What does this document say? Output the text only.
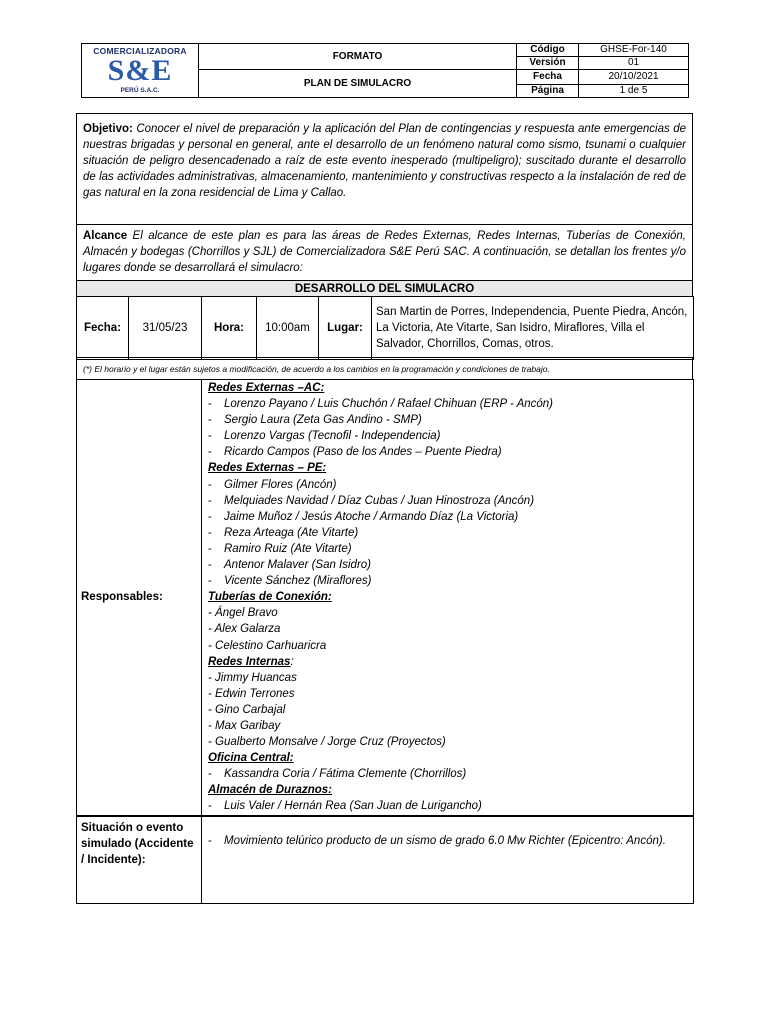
COMERCIALIZADORA
S&E
PERÚ S.A.C.	FORMATO	Código	GHSE-For-140
		Versión	01
	PLAN DE SIMULACRO	Fecha	20/10/2021
		Página	1 de 5
Objetivo: Conocer el nivel de preparación y la aplicación del Plan de contingencias y respuesta ante emergencias de nuestras brigadas y personal en general, ante el desarrollo de un fenómeno natural como sismo, tsunami o cualquier situación de peligro desencadenado a raíz de este evento inesperado (multipeligro); suscitado durante el desarrollo de las actividades administrativas, almacenamiento, mantenimiento y constructivas respecto a la instalación de red de gas natural en la zona residencial de Lima y Callao.
Alcance El alcance de este plan es para las áreas de Redes Externas, Redes Internas, Tuberías de Conexión, Almacén y bodegas (Chorrillos y SJL) de Comercializadora S&E Perú SAC. A continuación, se detallan los frentes y/o lugares donde se desarrollará el simulacro:
DESARROLLO DEL SIMULACRO
Fecha:	31/05/23	Hora:	10:00am	Lugar:	San Martin de Porres, Independencia, Puente Piedra, Ancón, La Victoria, Ate Vitarte, San Isidro, Miraflores, Villa el Salvador, Chorrillos, Comas, otros.
(*) El horario y el lugar están sujetos a modificación, de acuerdo a los cambios en la programación y condiciones de trabajo.
Responsables:	
Redes Externas –AC:
- Lorenzo Payano / Luis Chuchón / Rafael Chihuan (ERP - Ancón)
- Sergio Laura (Zeta Gas Andino - SMP)
- Lorenzo Vargas (Tecnofil - Independencia)
- Ricardo Campos (Paso de los Andes – Puente Piedra)
Redes Externas – PE:
- Gilmer Flores (Ancón)
- Melquiades Navidad / Díaz Cubas / Juan Hinostroza (Ancón)
- Jaime Muñoz / Jesús Atoche / Armando Díaz (La Victoria)
- Reza Arteaga (Ate Vitarte)
- Ramiro Ruiz (Ate Vitarte)
- Antenor Malaver (San Isidro)
- Vicente Sánchez (Miraflores)
Tuberías de Conexión:
- Ángel Bravo
- Alex Galarza
- Celestino Carhuaricra
Redes Internas:
- Jimmy Huancas
- Edwin Terrones
- Gino Carbajal
- Max Garibay
- Gualberto Monsalve / Jorge Cruz (Proyectos)
Oficina Central:
- Kassandra Coria / Fátima Clemente (Chorrillos)
Almacén de Duraznos:
- Luis Valer / Hernán Rea (San Juan de Lurigancho)
Situación o evento simulado (Accidente / Incidente):	
-	Movimiento telúrico producto de un sismo de grado 6.0 Mw Richter (Epicentro: Ancón).
